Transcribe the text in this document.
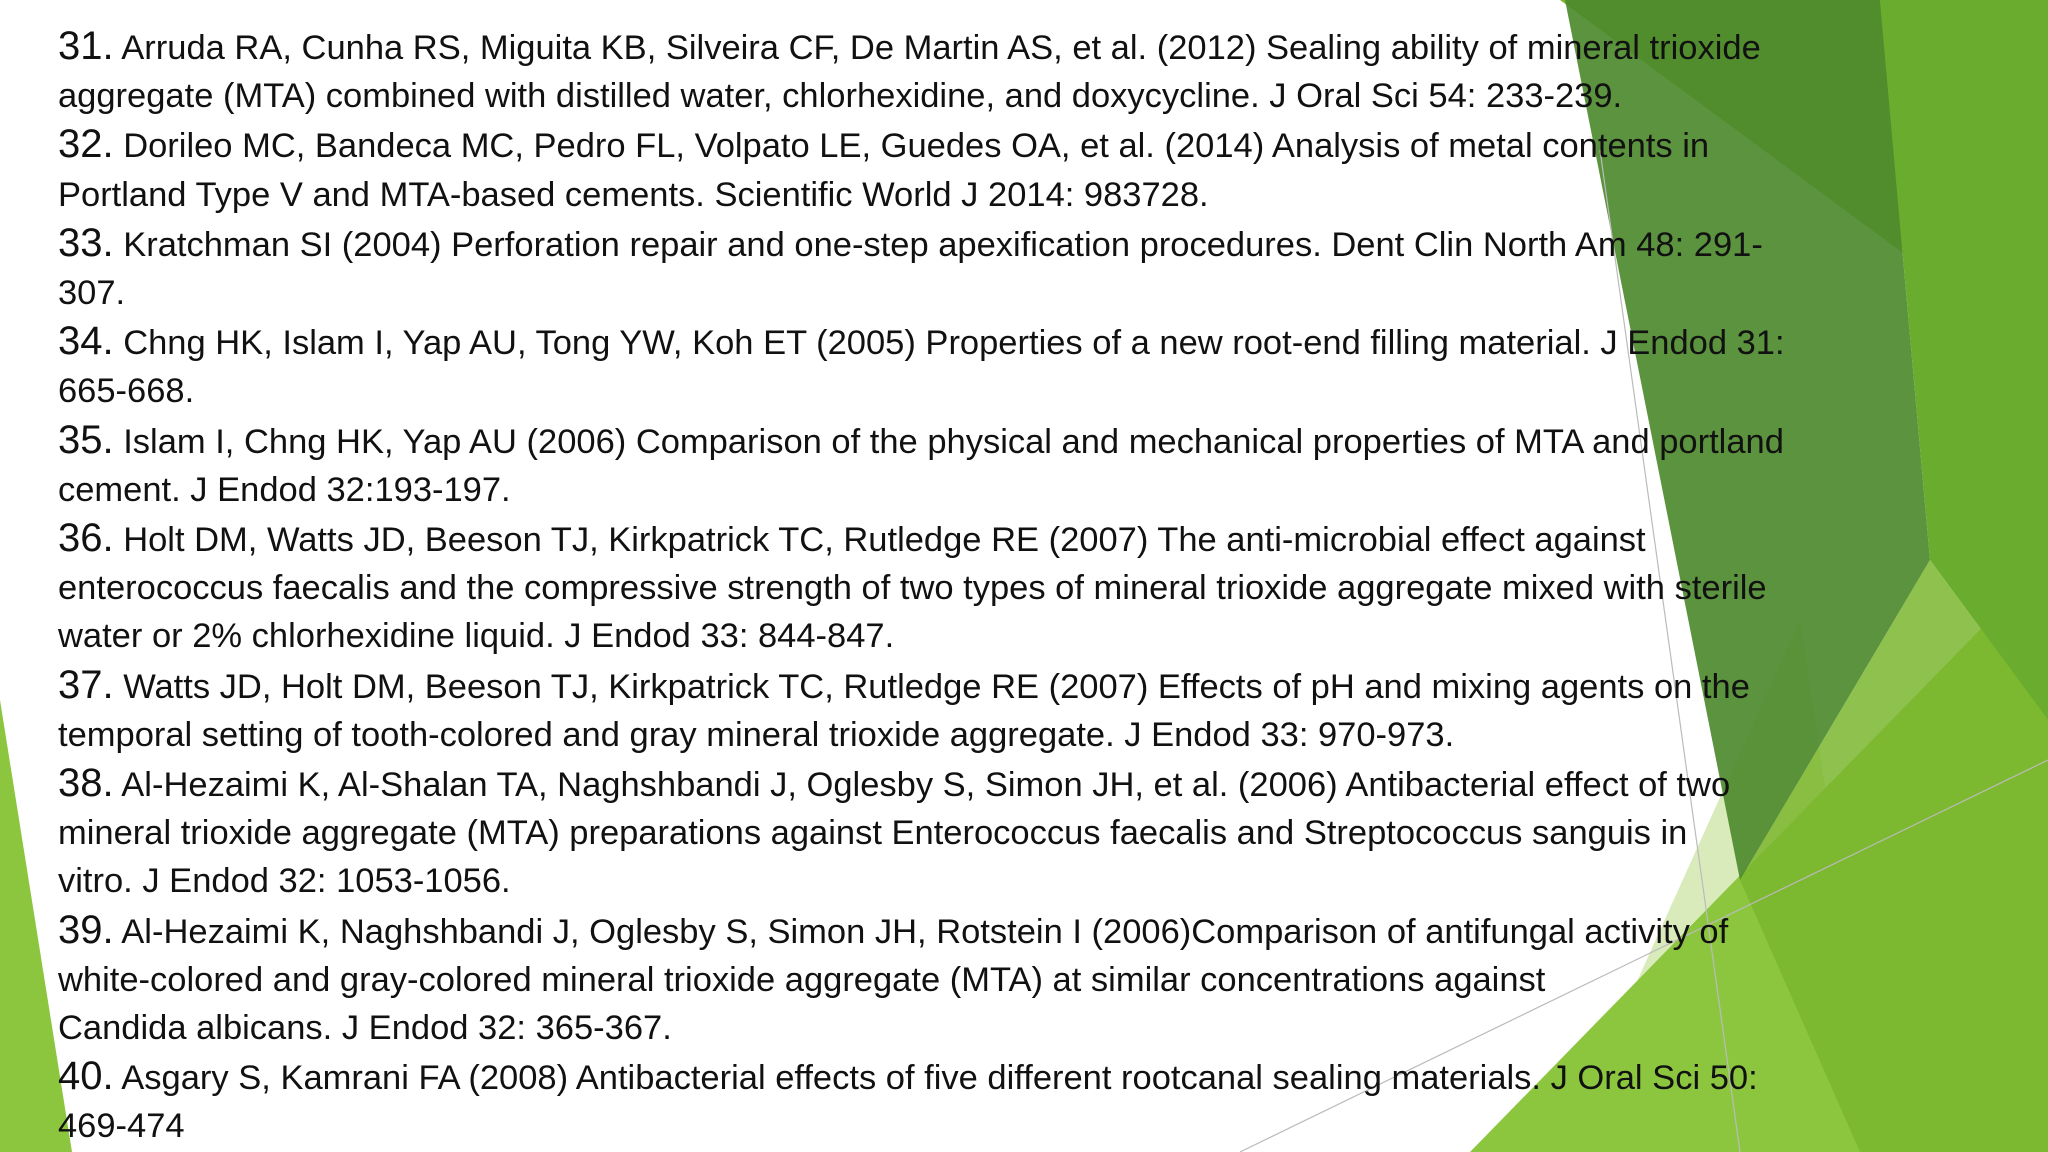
31. Arruda RA, Cunha RS, Miguita KB, Silveira CF, De Martin AS, et al. (2012) Sealing ability of mineral trioxide
aggregate (MTA) combined with distilled water, chlorhexidine, and doxycycline. J Oral Sci 54: 233-239.
32. Dorileo MC, Bandeca MC, Pedro FL, Volpato LE, Guedes OA, et al. (2014) Analysis of metal contents in
Portland Type V and MTA-based cements. Scientific World J 2014: 983728.
33. Kratchman SI (2004) Perforation repair and one-step apexification procedures. Dent Clin North Am 48: 291-
307.
34. Chng HK, Islam I, Yap AU, Tong YW, Koh ET (2005) Properties of a new root-end filling material. J Endod 31:
665-668.
35. Islam I, Chng HK, Yap AU (2006) Comparison of the physical and mechanical properties of MTA and portland
cement. J Endod 32:193-197.
36. Holt DM, Watts JD, Beeson TJ, Kirkpatrick TC, Rutledge RE (2007) The anti-microbial effect against
enterococcus faecalis and the compressive strength of two types of mineral trioxide aggregate mixed with sterile
water or 2% chlorhexidine liquid. J Endod 33: 844-847.
37. Watts JD, Holt DM, Beeson TJ, Kirkpatrick TC, Rutledge RE (2007) Effects of pH and mixing agents on the
temporal setting of tooth-colored and gray mineral trioxide aggregate. J Endod 33: 970-973.
38. Al-Hezaimi K, Al-Shalan TA, Naghshbandi J, Oglesby S, Simon JH, et al. (2006) Antibacterial effect of two
mineral trioxide aggregate (MTA) preparations against Enterococcus faecalis and Streptococcus sanguis in
vitro. J Endod 32: 1053-1056.
39. Al-Hezaimi K, Naghshbandi J, Oglesby S, Simon JH, Rotstein I (2006)Comparison of antifungal activity of
white-colored and gray-colored mineral trioxide aggregate (MTA) at similar concentrations against
Candida albicans. J Endod 32: 365-367.
40. Asgary S, Kamrani FA (2008) Antibacterial effects of five different rootcanal sealing materials. J Oral Sci 50:
469-474
